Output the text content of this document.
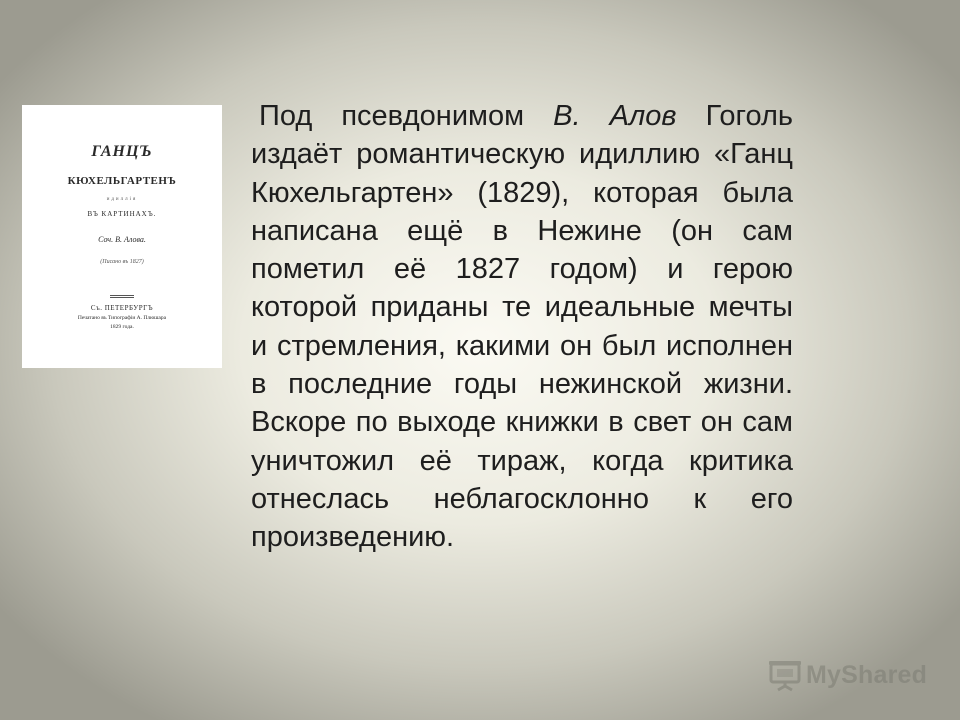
ГАНЦЪ
КЮХЕЛЬГАРТЕНЪ
идиллія
ВЪ КАРТИНАХЪ.
Соч. В. Алова.
(Писано въ 1827)
Съ. ПЕТЕРБУРГЪ
Печатано въ Типографіи А. Плюшара
1829 года.

Под псевдонимом В. Алов Гоголь издаёт романтическую идиллию «Ганц Кюхельгартен» (1829), которая была написана ещё в Нежине (он сам пометил её 1827 годом) и герою которой приданы те идеальные мечты и стремления, какими он был исполнен в последние годы нежинской жизни. Вскоре по выходе книжки в свет он сам уничтожил её тираж, когда критика отнеслась неблагосклонно к его произведению.

MyShared
